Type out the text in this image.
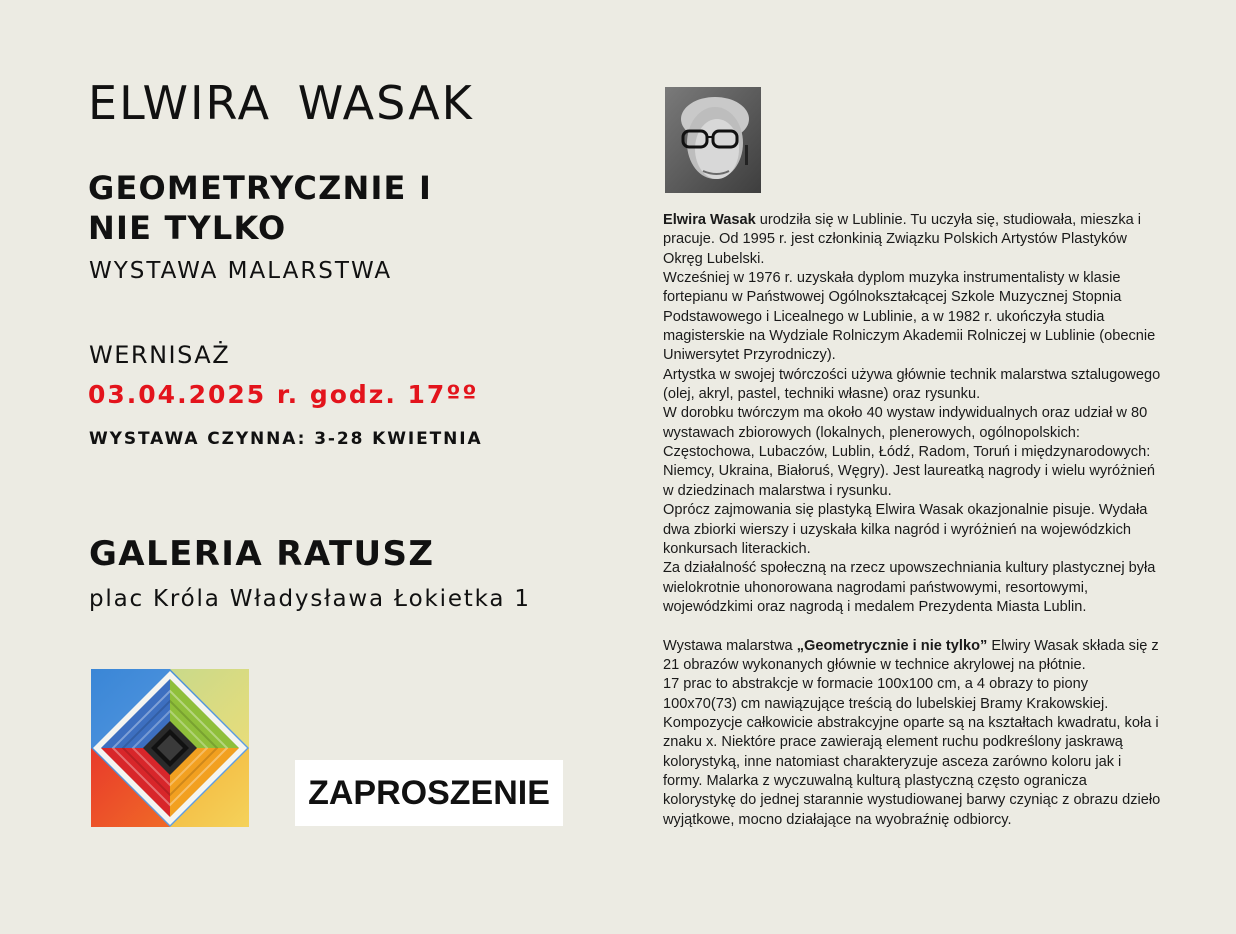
ELWIRA WASAK
GEOMETRYCZNIE I
NIE TYLKO
WYSTAWA MALARSTWA
WERNISAŻ
03.04.2025 r. godz. 17ºº
WYSTAWA CZYNNA: 3-28 KWIETNIA
GALERIA RATUSZ
plac Króla Władysława Łokietka 1
ZAPROSZENIE

Elwira Wasak urodziła się w Lublinie. Tu uczyła się, studiowała, mieszka i pracuje. Od 1995 r. jest członkinią Związku Polskich Artystów Plastyków Okręg Lubelski.

Wcześniej w 1976 r. uzyskała dyplom muzyka instrumentalisty w klasie fortepianu w Państwowej Ogólnokształcącej Szkole Muzycznej Stopnia Podstawowego i Licealnego w Lublinie, a w 1982 r. ukończyła studia magisterskie na Wydziale Rolniczym Akademii Rolniczej w Lublinie (obecnie Uniwersytet Przyrodniczy).

Artystka w swojej twórczości używa głównie technik malarstwa sztalugowego (olej, akryl, pastel, techniki własne) oraz rysunku.

W dorobku twórczym ma około 40 wystaw indywidualnych oraz udział w 80 wystawach zbiorowych (lokalnych, plenerowych, ogólnopolskich: Częstochowa, Lubaczów, Lublin, Łódź, Radom, Toruń i międzynarodowych: Niemcy, Ukraina, Białoruś, Węgry). Jest laureatką nagrody i wielu wyróżnień w dziedzinach malarstwa i rysunku.

Oprócz zajmowania się plastyką Elwira Wasak okazjonalnie pisuje. Wydała dwa zbiorki wierszy i uzyskała kilka nagród i wyróżnień na wojewódzkich konkursach literackich.

Za działalność społeczną na rzecz upowszechniania kultury plastycznej była wielokrotnie uhonorowana nagrodami państwowymi, resortowymi, wojewódzkimi oraz nagrodą i medalem Prezydenta Miasta Lublin.

Wystawa malarstwa „Geometrycznie i nie tylko” Elwiry Wasak składa się z 21 obrazów wykonanych głównie w technice akrylowej na płótnie.

17 prac to abstrakcje w formacie 100x100 cm, a 4 obrazy to piony 100x70(73) cm nawiązujące treścią do lubelskiej Bramy Krakowskiej.

Kompozycje całkowicie abstrakcyjne oparte są na kształtach kwadratu, koła i znaku x. Niektóre prace zawierają element ruchu podkreślony jaskrawą kolorystyką, inne natomiast charakteryzuje asceza zarówno koloru jak i formy. Malarka z wyczuwalną kulturą plastyczną często ogranicza kolorystykę do jednej starannie wystudiowanej barwy czyniąc z obrazu dzieło wyjątkowe, mocno działające na wyobraźnię odbiorcy.
